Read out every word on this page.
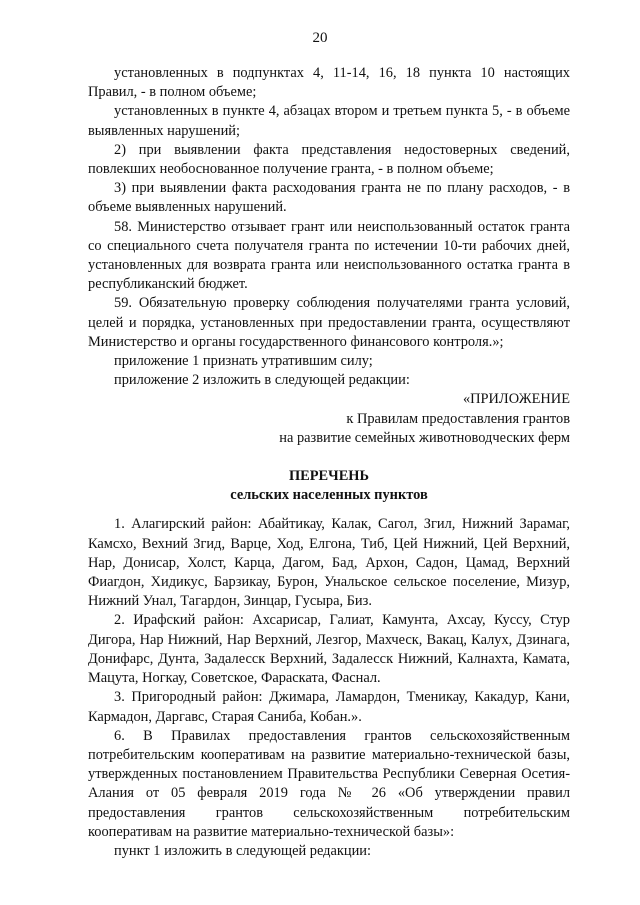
20

установленных в подпунктах 4, 11-14, 16, 18 пункта 10 настоящих Правил, - в полном объеме;

установленных в пункте 4, абзацах втором и третьем пункта 5, - в объеме выявленных нарушений;

2) при выявлении факта представления недостоверных сведений, повлекших необоснованное получение гранта, - в полном объеме;

3) при выявлении факта расходования гранта не по плану расходов, - в объеме выявленных нарушений.

58. Министерство отзывает грант или неиспользованный остаток гранта со специального счета получателя гранта по истечении 10-ти рабочих дней, установленных для возврата гранта или неиспользованного остатка гранта в республиканский бюджет.

59. Обязательную проверку соблюдения получателями гранта условий, целей и порядка, установленных при предоставлении гранта, осуществляют Министерство и органы государственного финансового контроля.»;

приложение 1 признать утратившим силу;

приложение 2 изложить в следующей редакции:

«ПРИЛОЖЕНИЕ

к Правилам предоставления грантов

на развитие семейных животноводческих ферм

ПЕРЕЧЕНЬ

сельских населенных пунктов

1. Алагирский район: Абайтикау, Калак, Сагол, Згил, Нижний Зарамаг, Камсхо, Вехний Згид, Варце, Ход, Елгона, Тиб, Цей Нижний, Цей Верхний, Нар, Донисар, Холст, Карца, Дагом, Бад, Архон, Садон, Цамад, Верхний Фиагдон, Хидикус, Барзикау, Бурон, Унальское сельское поселение, Мизур, Нижний Унал, Тагардон, Зинцар, Гусыра, Биз.

2. Ирафский район: Ахсарисар, Галиат, Камунта, Ахсау, Куссу, Стур Дигора, Нар Нижний, Нар Верхний, Лезгор, Махческ, Вакац, Калух, Дзинага, Донифарс, Дунта, Задалесск Верхний, Задалесск Нижний, Калнахта, Камата, Мацута, Ногкау, Советское, Фараската, Фаснал.

3. Пригородный район: Джимара, Ламардон, Тменикау, Какадур, Кани, Кармадон, Даргавс, Старая Саниба, Кобан.».

6. В Правилах предоставления грантов сельскохозяйственным потребительским кооперативам на развитие материально-технической базы, утвержденных постановлением Правительства Республики Северная Осетия-Алания от 05 февраля 2019 года № 26 «Об утверждении правил предоставления грантов сельскохозяйственным потребительским кооперативам на развитие материально-технической базы»:

пункт 1 изложить в следующей редакции:
